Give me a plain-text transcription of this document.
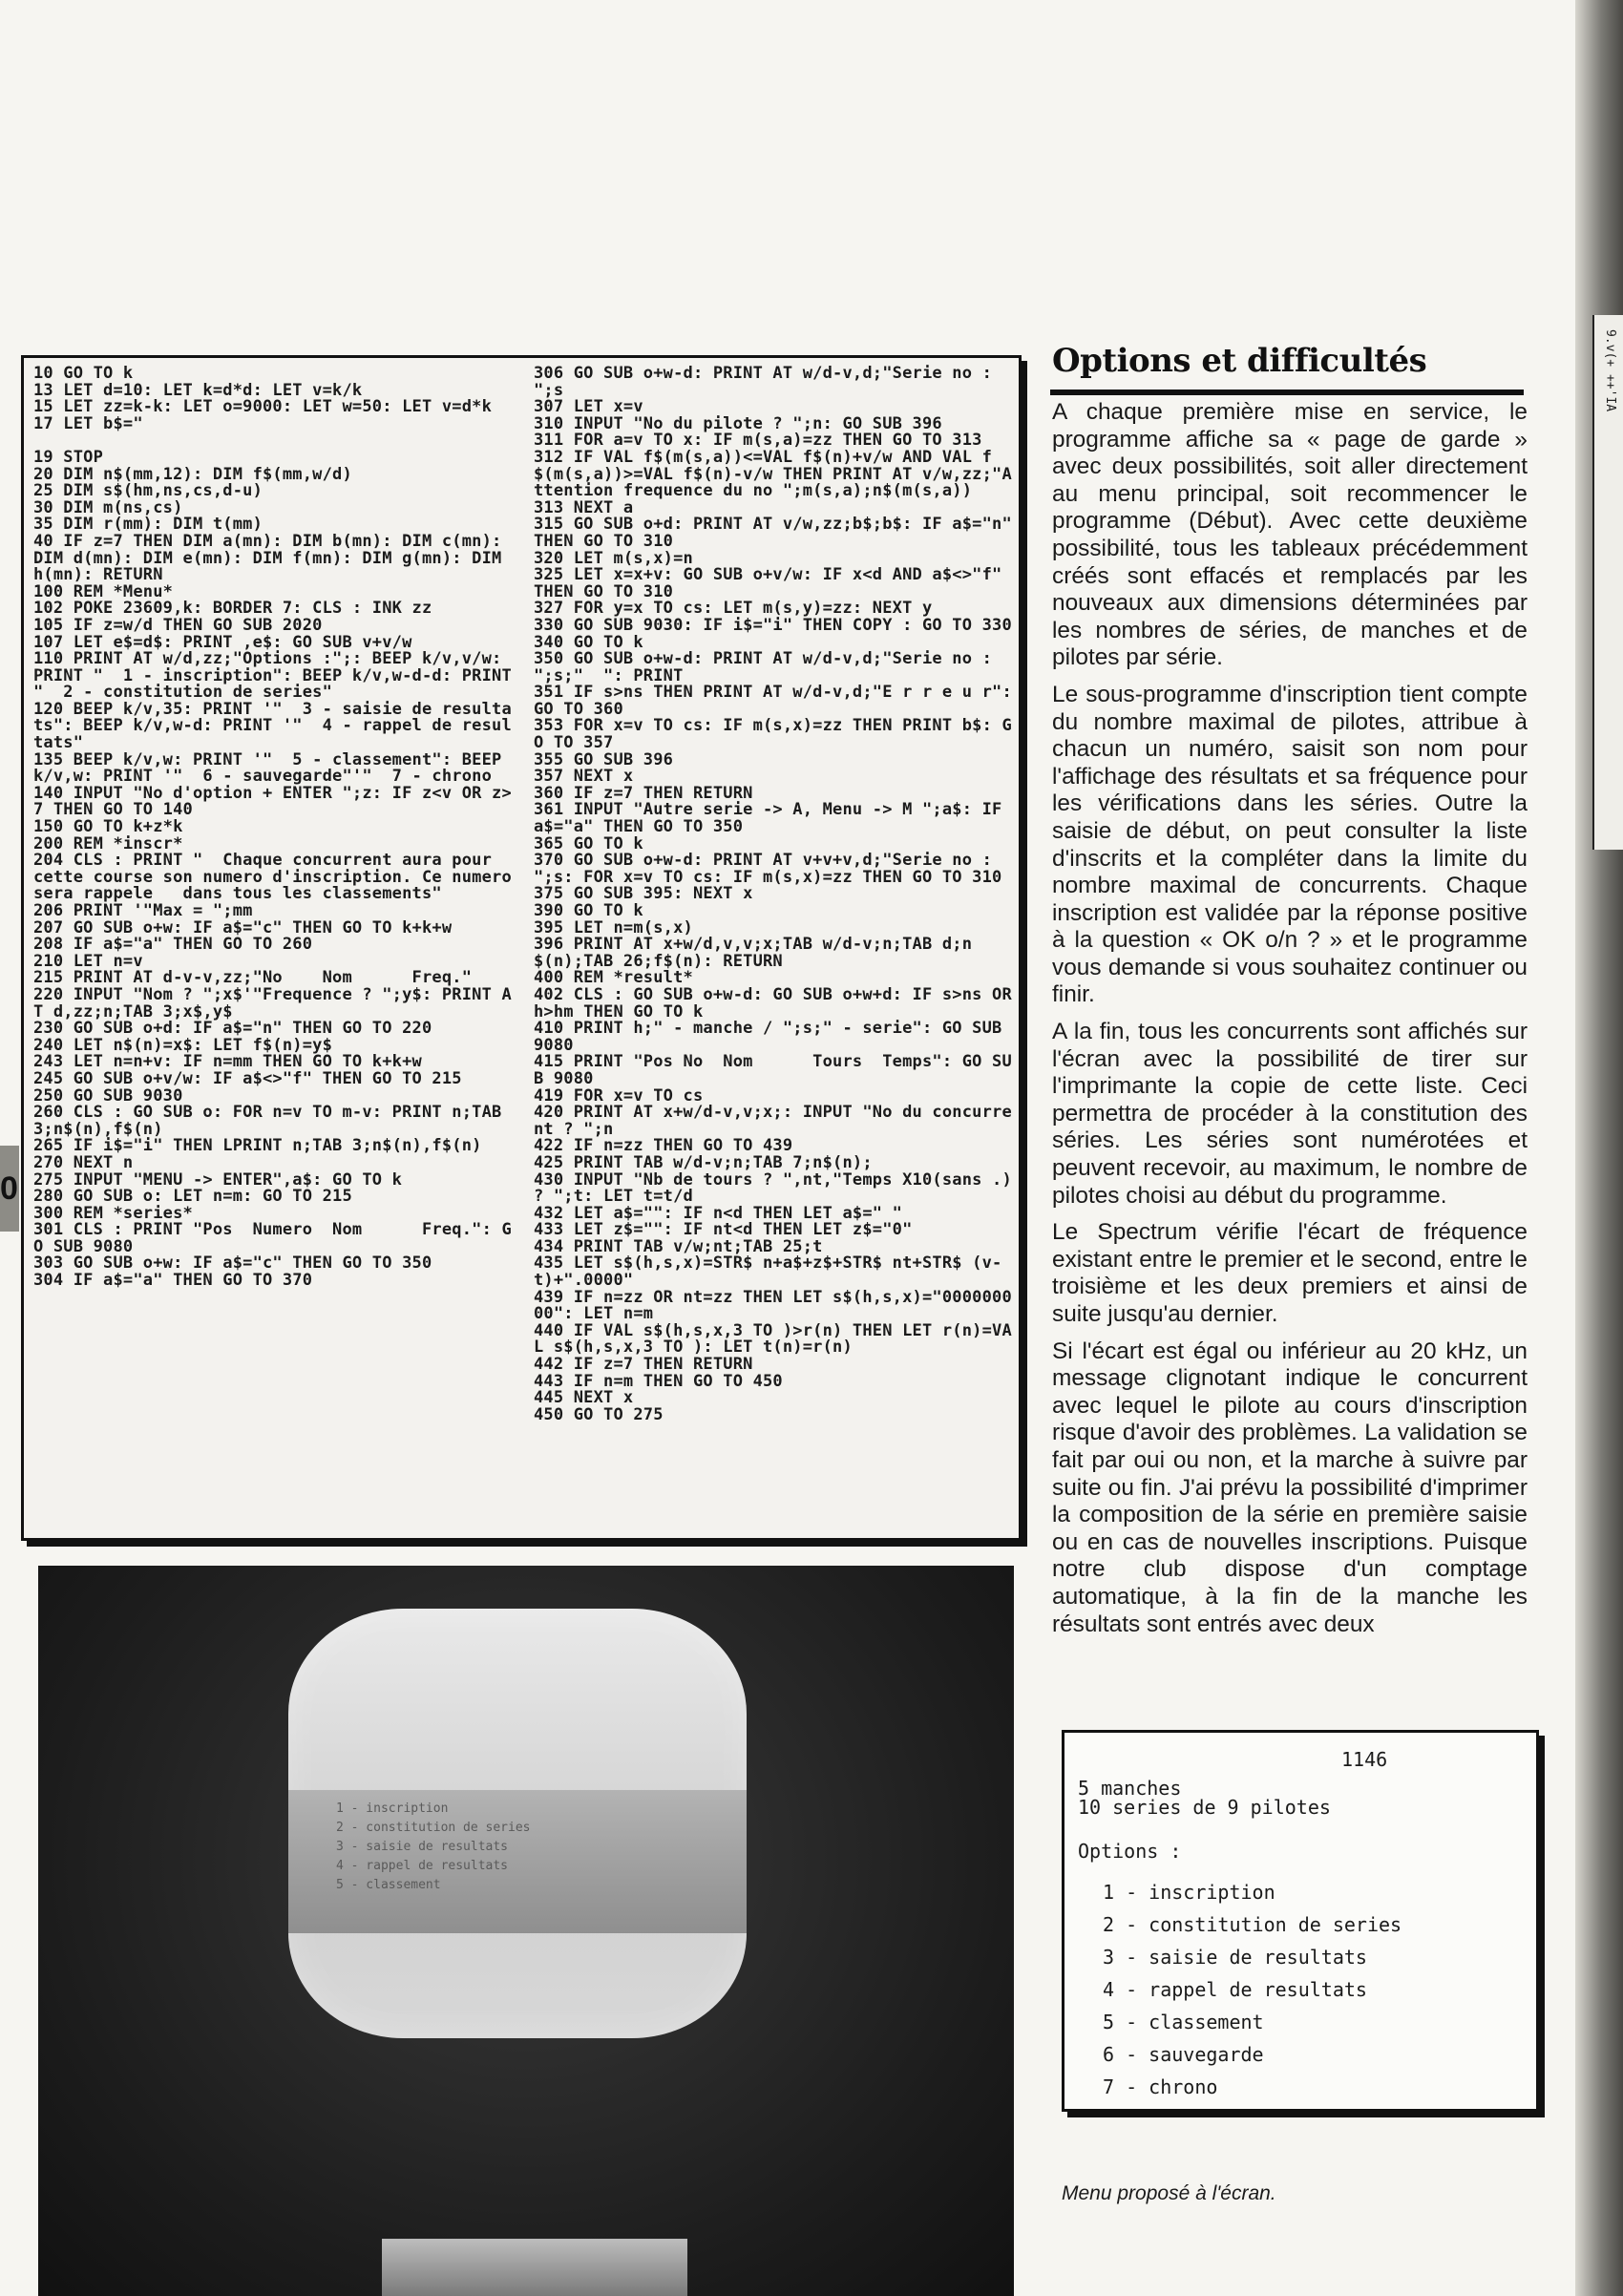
9.v(+ ++'IA
0
10 GO TO k
13 LET d=10: LET k=d*d: LET v=k/k
15 LET zz=k-k: LET o=9000: LET w=50: LET v=d*k
17 LET b$="

19 STOP
20 DIM n$(mm,12): DIM f$(mm,w/d)
25 DIM s$(hm,ns,cs,d-u)
30 DIM m(ns,cs)
35 DIM r(mm): DIM t(mm)
40 IF z=7 THEN DIM a(mn): DIM b(mn): DIM c(mn): DIM d(mn): DIM e(mn): DIM f(mn): DIM g(mn): DIM h(mn): RETURN
100 REM *Menu*
102 POKE 23609,k: BORDER 7: CLS : INK zz
105 IF z=w/d THEN GO SUB 2020
107 LET e$=d$: PRINT ,e$: GO SUB v+v/w
110 PRINT AT w/d,zz;"Options :";: BEEP k/v,v/w: PRINT "  1 - inscription": BEEP k/v,w-d-d: PRINT "  2 - constitution de series"
120 BEEP k/v,35: PRINT '"  3 - saisie de resultats": BEEP k/v,w-d: PRINT '"  4 - rappel de resultats"
135 BEEP k/v,w: PRINT '"  5 - classement": BEEP k/v,w: PRINT '"  6 - sauvegarde"'"  7 - chrono
140 INPUT "No d'option + ENTER ";z: IF z<v OR z>7 THEN GO TO 140
150 GO TO k+z*k
200 REM *inscr*
204 CLS : PRINT "  Chaque concurrent aura pour   cette course son numero d'inscription. Ce numero sera rappele   dans tous les classements"
206 PRINT '"Max = ";mm
207 GO SUB o+w: IF a$="c" THEN GO TO k+k+w
208 IF a$="a" THEN GO TO 260
210 LET n=v
215 PRINT AT d-v-v,zz;"No    Nom      Freq."
220 INPUT "Nom ? ";x$'"Frequence ? ";y$: PRINT AT d,zz;n;TAB 3;x$,y$
230 GO SUB o+d: IF a$="n" THEN GO TO 220
240 LET n$(n)=x$: LET f$(n)=y$
243 LET n=n+v: IF n=mm THEN GO TO k+k+w
245 GO SUB o+v/w: IF a$<>"f" THEN GO TO 215
250 GO SUB 9030
260 CLS : GO SUB o: FOR n=v TO m-v: PRINT n;TAB 3;n$(n),f$(n)
265 IF i$="i" THEN LPRINT n;TAB 3;n$(n),f$(n)
270 NEXT n
275 INPUT "MENU -> ENTER",a$: GO TO k
280 GO SUB o: LET n=m: GO TO 215
300 REM *series*
301 CLS : PRINT "Pos  Numero  Nom      Freq.": GO SUB 9080
303 GO SUB o+w: IF a$="c" THEN GO TO 350
304 IF a$="a" THEN GO TO 370
306 GO SUB o+w-d: PRINT AT w/d-v,d;"Serie no : ";s
307 LET x=v
310 INPUT "No du pilote ? ";n: GO SUB 396
311 FOR a=v TO x: IF m(s,a)=zz THEN GO TO 313
312 IF VAL f$(m(s,a))<=VAL f$(n)+v/w AND VAL f$(m(s,a))>=VAL f$(n)-v/w THEN PRINT AT v/w,zz;"Attention frequence du no ";m(s,a);n$(m(s,a))
313 NEXT a
315 GO SUB o+d: PRINT AT v/w,zz;b$;b$: IF a$="n" THEN GO TO 310
320 LET m(s,x)=n
325 LET x=x+v: GO SUB o+v/w: IF x<d AND a$<>"f" THEN GO TO 310
327 FOR y=x TO cs: LET m(s,y)=zz: NEXT y
330 GO SUB 9030: IF i$="i" THEN COPY : GO TO 330
340 GO TO k
350 GO SUB o+w-d: PRINT AT w/d-v,d;"Serie no : ";s;"  ": PRINT
351 IF s>ns THEN PRINT AT w/d-v,d;"E r r e u r": GO TO 360
353 FOR x=v TO cs: IF m(s,x)=zz THEN PRINT b$: GO TO 357
355 GO SUB 396
357 NEXT x
360 IF z=7 THEN RETURN
361 INPUT "Autre serie -> A, Menu -> M ";a$: IF a$="a" THEN GO TO 350
365 GO TO k
370 GO SUB o+w-d: PRINT AT v+v+v,d;"Serie no : ";s: FOR x=v TO cs: IF m(s,x)=zz THEN GO TO 310
375 GO SUB 395: NEXT x
390 GO TO k
395 LET n=m(s,x)
396 PRINT AT x+w/d,v,v;x;TAB w/d-v;n;TAB d;n$(n);TAB 26;f$(n): RETURN
400 REM *result*
402 CLS : GO SUB o+w-d: GO SUB o+w+d: IF s>ns OR h>hm THEN GO TO k
410 PRINT h;" - manche / ";s;" - serie": GO SUB 9080
415 PRINT "Pos No  Nom      Tours  Temps": GO SUB 9080
419 FOR x=v TO cs
420 PRINT AT x+w/d-v,v;x;: INPUT "No du concurrent ? ";n
422 IF n=zz THEN GO TO 439
425 PRINT TAB w/d-v;n;TAB 7;n$(n);
430 INPUT "Nb de tours ? ",nt,"Temps X10(sans .) ? ";t: LET t=t/d
432 LET a$="": IF n<d THEN LET a$=" "
433 LET z$="": IF nt<d THEN LET z$="0"
434 PRINT TAB v/w;nt;TAB 25;t
435 LET s$(h,s,x)=STR$ n+a$+z$+STR$ nt+STR$ (v-t)+".0000"
439 IF n=zz OR nt=zz THEN LET s$(h,s,x)="000000000": LET n=m
440 IF VAL s$(h,s,x,3 TO )>r(n) THEN LET r(n)=VAL s$(h,s,x,3 TO ): LET t(n)=r(n)
442 IF z=7 THEN RETURN
443 IF n=m THEN GO TO 450
445 NEXT x
450 GO TO 275
1 - inscription
2 - constitution de series
3 - saisie de resultats
4 - rappel de resultats
5 - classement
Options et difficultés

A chaque première mise en service, le programme affiche sa « page de garde » avec deux possibilités, soit aller directement au menu principal, soit recommencer le programme (Début). Avec cette deuxième possibilité, tous les tableaux précédemment créés sont effacés et remplacés par les nouveaux aux dimensions déterminées par les nombres de séries, de manches et de pilotes par série.

Le sous-programme d'inscription tient compte du nombre maximal de pilotes, attribue à chacun un numéro, saisit son nom pour l'affichage des résultats et sa fréquence pour les vérifications dans les séries. Outre la saisie de début, on peut consulter la liste d'inscrits et la compléter dans la limite du nombre maximal de concurrents. Chaque inscription est validée par la réponse positive à la question « OK o/n ? » et le programme vous demande si vous souhaitez continuer ou finir.

A la fin, tous les concurrents sont affichés sur l'écran avec la possibilité de tirer sur l'imprimante la copie de cette liste. Ceci permettra de procéder à la constitution des séries. Les séries sont numérotées et peuvent recevoir, au maximum, le nombre de pilotes choisi au début du programme.

Le Spectrum vérifie l'écart de fréquence existant entre le premier et le second, entre le troisième et les deux premiers et ainsi de suite jusqu'au dernier.

Si l'écart est égal ou inférieur au 20 kHz, un message clignotant indique le concurrent avec lequel le pilote au cours d'inscription risque d'avoir des problèmes. La validation se fait par oui ou non, et la marche à suivre par suite ou fin. J'ai prévu la possibilité d'imprimer la composition de la série en première saisie ou en cas de nouvelles inscriptions. Puisque notre club dispose d'un comptage automatique, à la fin de la manche les résultats sont entrés avec deux

1146
5 manches
10 series de 9 pilotes
Options :
1 - inscription
2 - constitution de series
3 - saisie de resultats
4 - rappel de resultats
5 - classement
6 - sauvegarde
7 - chrono
Menu proposé à l'écran.
